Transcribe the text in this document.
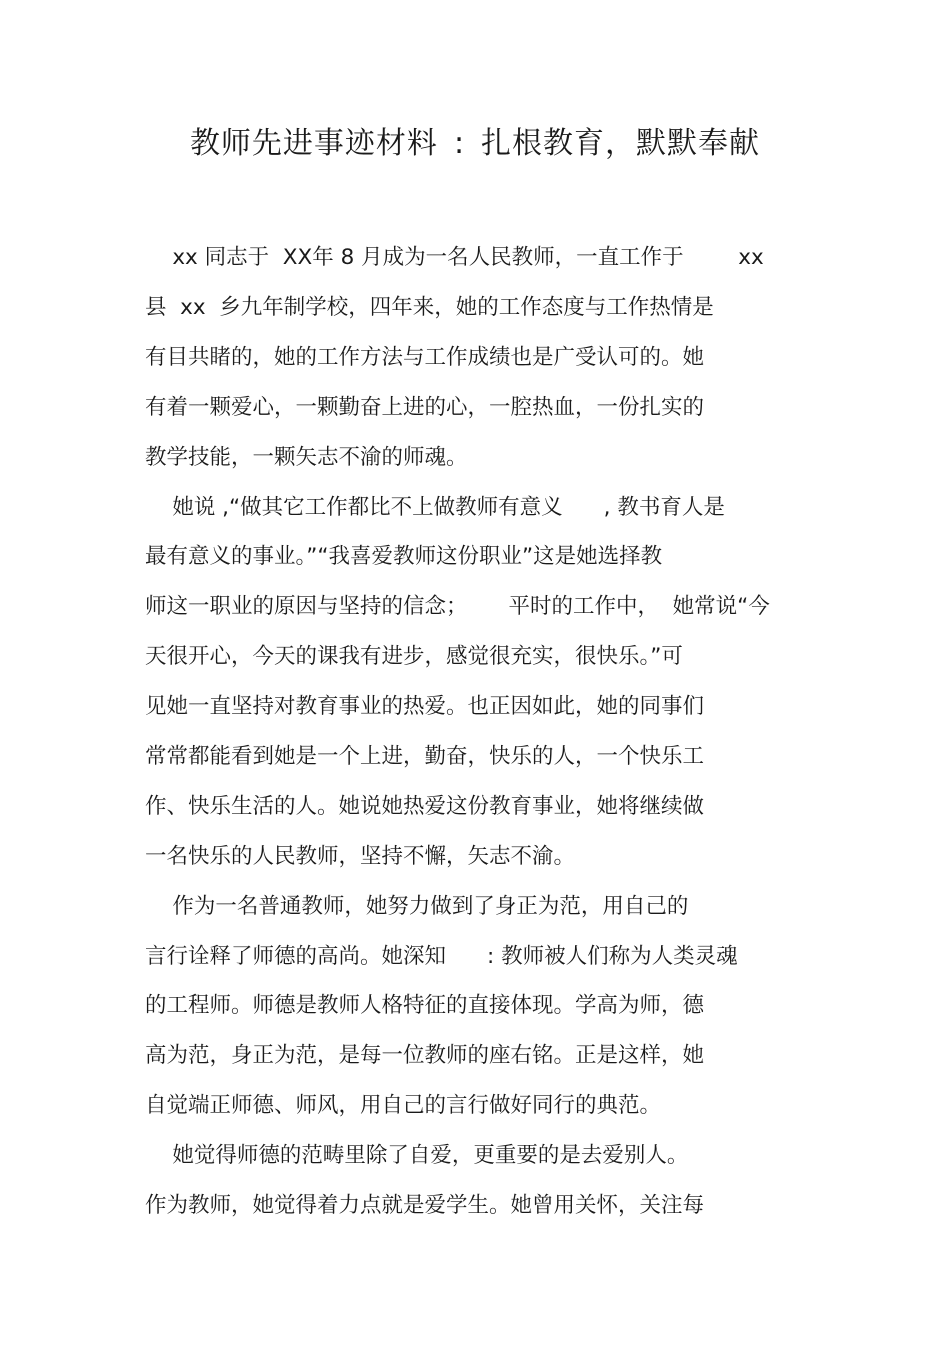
教师先进事迹材料 : 扎根教育，默默奉献

xx 同志于  XX年 8 月成为一名人民教师，一直工作于        xx

县  xx  乡九年制学校，四年来，她的工作态度与工作热情是

有目共睹的，她的工作方法与工作成绩也是广受认可的。她

有着一颗爱心，一颗勤奋上进的心，一腔热血，一份扎实的

教学技能，一颗矢志不渝的师魂。

她说 ,“做其它工作都比不上做教师有意义      , 教书育人是

最有意义的事业。”“我喜爱教师这份职业”这是她选择教

师这一职业的原因与坚持的信念；      平时的工作中，  她常说“今

天很开心，今天的课我有进步，感觉很充实，很快乐。”可

见她一直坚持对教育事业的热爱。也正因如此，她的同事们

常常都能看到她是一个上进，勤奋，快乐的人，一个快乐工

作、快乐生活的人。她说她热爱这份教育事业，她将继续做

一名快乐的人民教师，坚持不懈，矢志不渝。

作为一名普通教师，她努力做到了身正为范，用自己的

言行诠释了师德的高尚。她深知      : 教师被人们称为人类灵魂

的工程师。师德是教师人格特征的直接体现。学高为师，德

高为范，身正为范，是每一位教师的座右铭。正是这样，她

自觉端正师德、师风，用自己的言行做好同行的典范。

她觉得师德的范畴里除了自爱，更重要的是去爱别人。

作为教师，她觉得着力点就是爱学生。她曾用关怀，关注每
